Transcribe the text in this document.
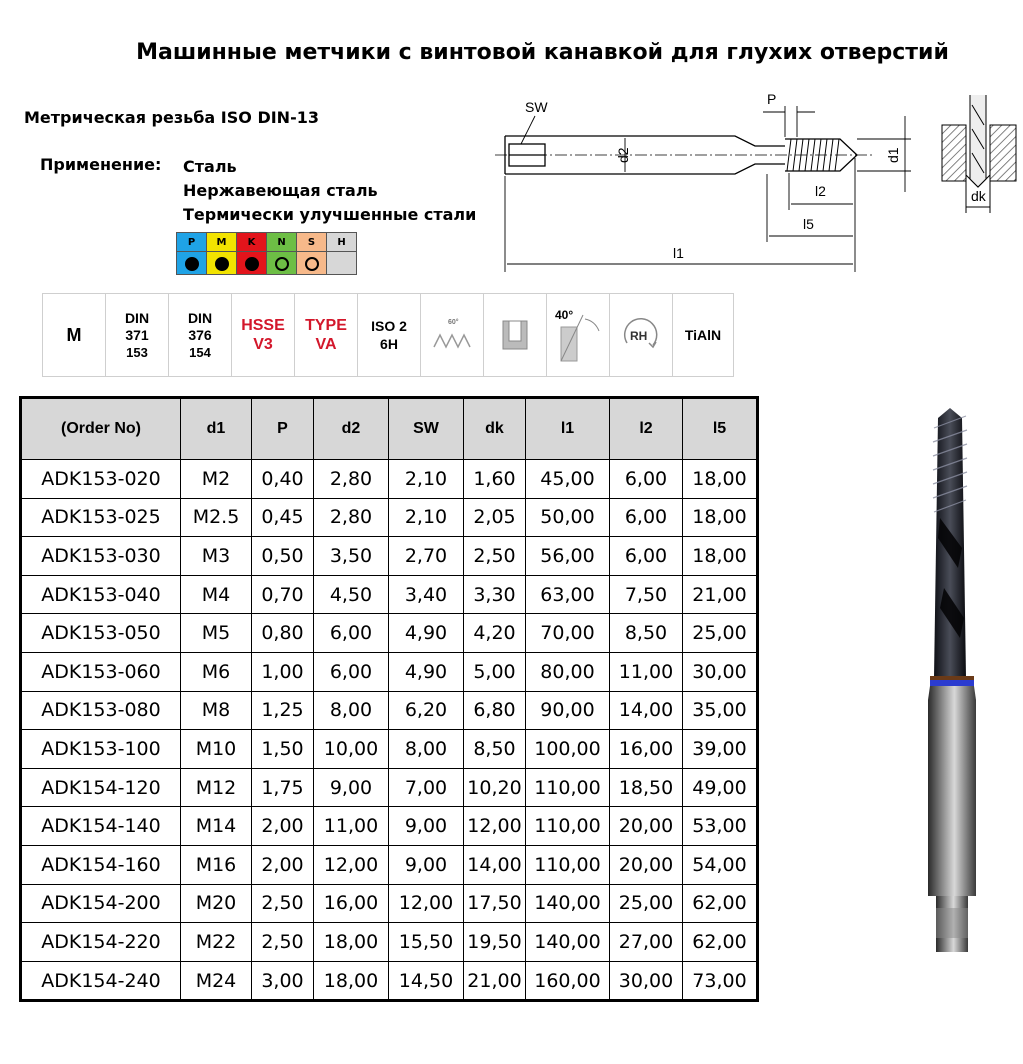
Машинные метчики с винтовой канавкой для глухих отверстий
Метрическая резьба ISO DIN-13
Применение: Сталь
Нержавеющая сталь
Термически улучшенные стали
P	M	K	N	S	H

SW	P
d2	d1
l2
l5
l1
dk
M
DIN
371
153
DIN
376
154
HSSE
V3
TYPE
VA
ISO 2
6H
60°
40°
RH	TiAlN
(Order No)	d1	P	d2	SW	dk	l1	l2	l5
ADK153-020	M2	0,40	2,80	2,10	1,60	45,00	6,00	18,00
ADK153-025	M2.5	0,45	2,80	2,10	2,05	50,00	6,00	18,00
ADK153-030	M3	0,50	3,50	2,70	2,50	56,00	6,00	18,00
ADK153-040	M4	0,70	4,50	3,40	3,30	63,00	7,50	21,00
ADK153-050	M5	0,80	6,00	4,90	4,20	70,00	8,50	25,00
ADK153-060	M6	1,00	6,00	4,90	5,00	80,00	11,00	30,00
ADK153-080	M8	1,25	8,00	6,20	6,80	90,00	14,00	35,00
ADK153-100	M10	1,50	10,00	8,00	8,50	100,00	16,00	39,00
ADK154-120	M12	1,75	9,00	7,00	10,20	110,00	18,50	49,00
ADK154-140	M14	2,00	11,00	9,00	12,00	110,00	20,00	53,00
ADK154-160	M16	2,00	12,00	9,00	14,00	110,00	20,00	54,00
ADK154-200	M20	2,50	16,00	12,00	17,50	140,00	25,00	62,00
ADK154-220	M22	2,50	18,00	15,50	19,50	140,00	27,00	62,00
ADK154-240	M24	3,00	18,00	14,50	21,00	160,00	30,00	73,00
